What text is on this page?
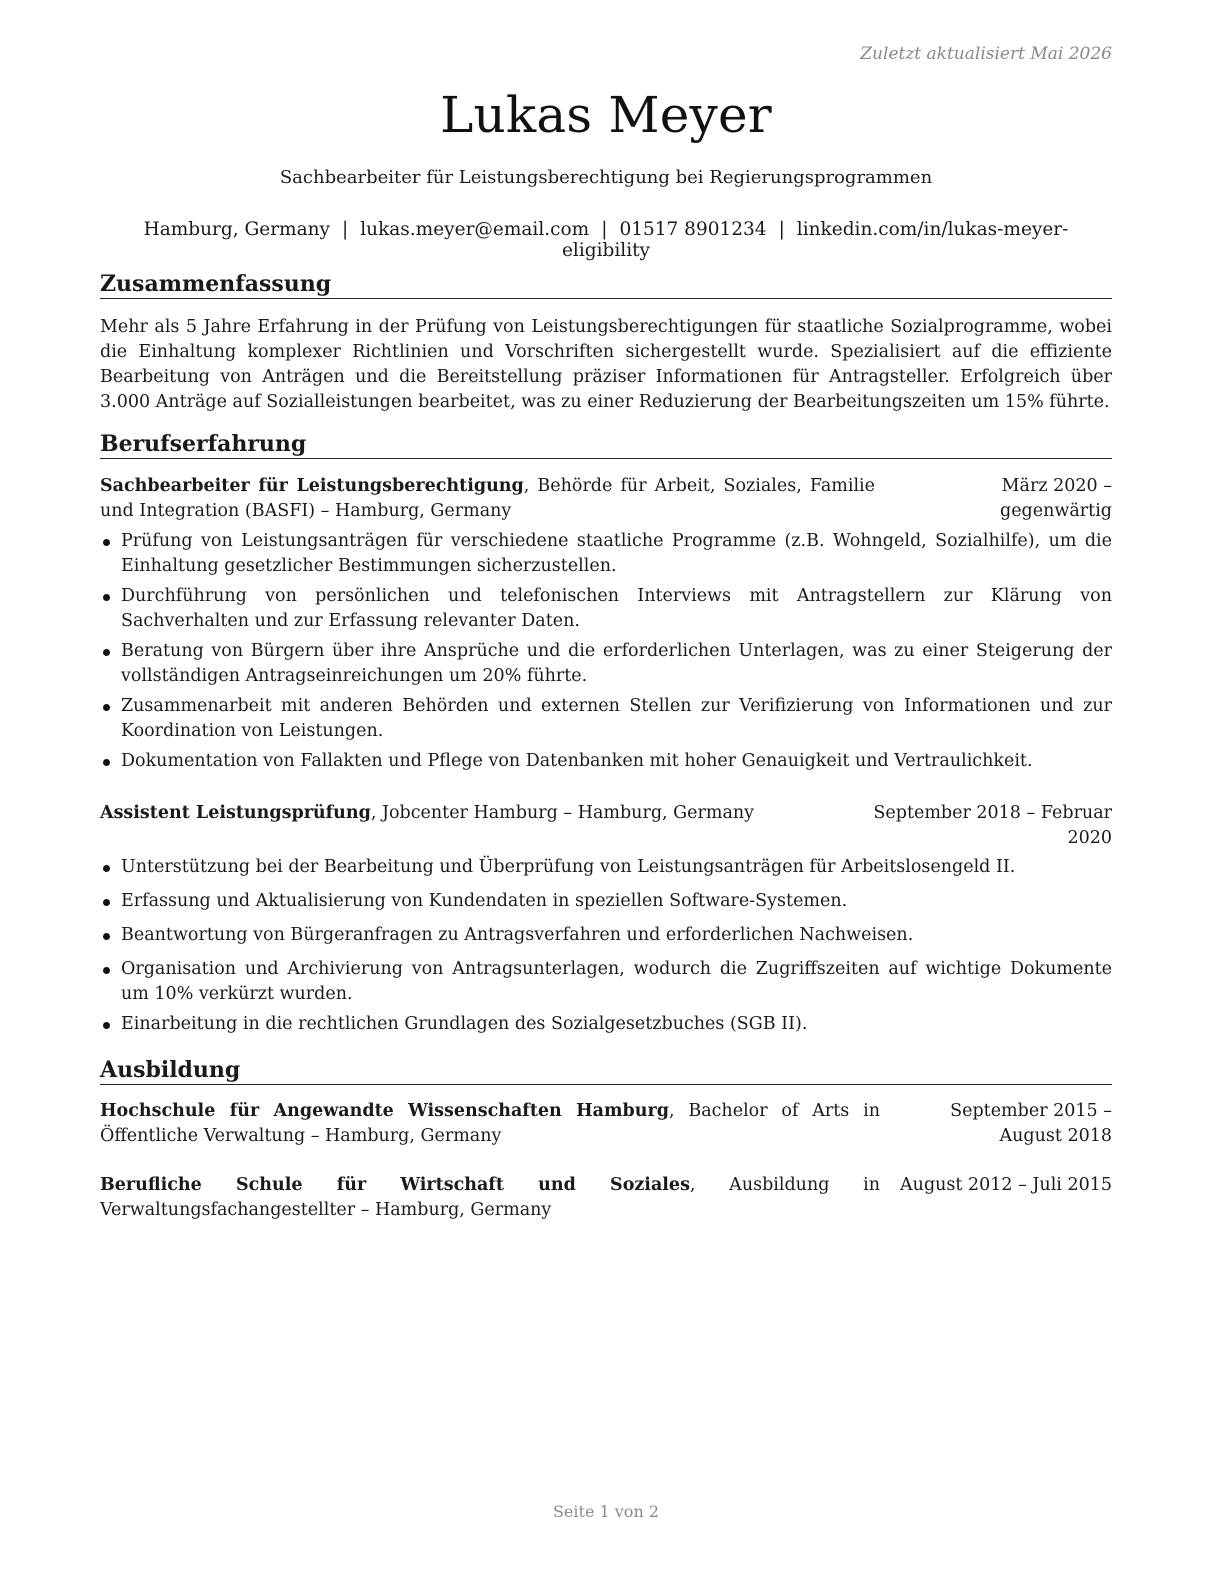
Zuletzt aktualisiert Mai 2026
Lukas Meyer
Sachbearbeiter für Leistungsberechtigung bei Regierungsprogrammen
Hamburg, Germany | lukas.meyer@email.com | 01517 8901234 | linkedin.com/in/lukas-meyer-eligibility
Zusammenfassung
Mehr als 5 Jahre Erfahrung in der Prüfung von Leistungsberechtigungen für staatliche Sozialprogramme, wobei die Einhaltung komplexer Richtlinien und Vorschriften sichergestellt wurde. Spezialisiert auf die effiziente Bearbeitung von Anträgen und die Bereitstellung präziser Informationen für Antragsteller. Erfolgreich über 3.000 Anträge auf Sozialleistungen bearbeitet, was zu einer Reduzierung der Bearbeitungszeiten um 15% führte.
Berufserfahrung
Sachbearbeiter für Leistungsberechtigung, Behörde für Arbeit, Soziales, Familie und Integration (BASFI) – Hamburg, Germany
März 2020 – gegenwärtig
Prüfung von Leistungsanträgen für verschiedene staatliche Programme (z.B. Wohngeld, Sozialhilfe), um die Einhaltung gesetzlicher Bestimmungen sicherzustellen.
Durchführung von persönlichen und telefonischen Interviews mit Antragstellern zur Klärung von Sachverhalten und zur Erfassung relevanter Daten.
Beratung von Bürgern über ihre Ansprüche und die erforderlichen Unterlagen, was zu einer Steigerung der vollständigen Antragseinreichungen um 20% führte.
Zusammenarbeit mit anderen Behörden und externen Stellen zur Verifizierung von Informationen und zur Koordination von Leistungen.
Dokumentation von Fallakten und Pflege von Datenbanken mit hoher Genauigkeit und Vertraulichkeit.
Assistent Leistungsprüfung, Jobcenter Hamburg – Hamburg, Germany	September 2018 – Februar 2020
Unterstützung bei der Bearbeitung und Überprüfung von Leistungsanträgen für Arbeitslosengeld II.
Erfassung und Aktualisierung von Kundendaten in speziellen Software-Systemen.
Beantwortung von Bürgeranfragen zu Antragsverfahren und erforderlichen Nachweisen.
Organisation und Archivierung von Antragsunterlagen, wodurch die Zugriffszeiten auf wichtige Dokumente um 10% verkürzt wurden.
Einarbeitung in die rechtlichen Grundlagen des Sozialgesetzbuches (SGB II).
Ausbildung
Hochschule für Angewandte Wissenschaften Hamburg, Bachelor of Arts in Öffentliche Verwaltung – Hamburg, Germany
September 2015 – August 2018
Berufliche Schule für Wirtschaft und Soziales, Ausbildung in Verwaltungsfachangestellter – Hamburg, Germany
August 2012 – Juli 2015
Seite 1 von 2
